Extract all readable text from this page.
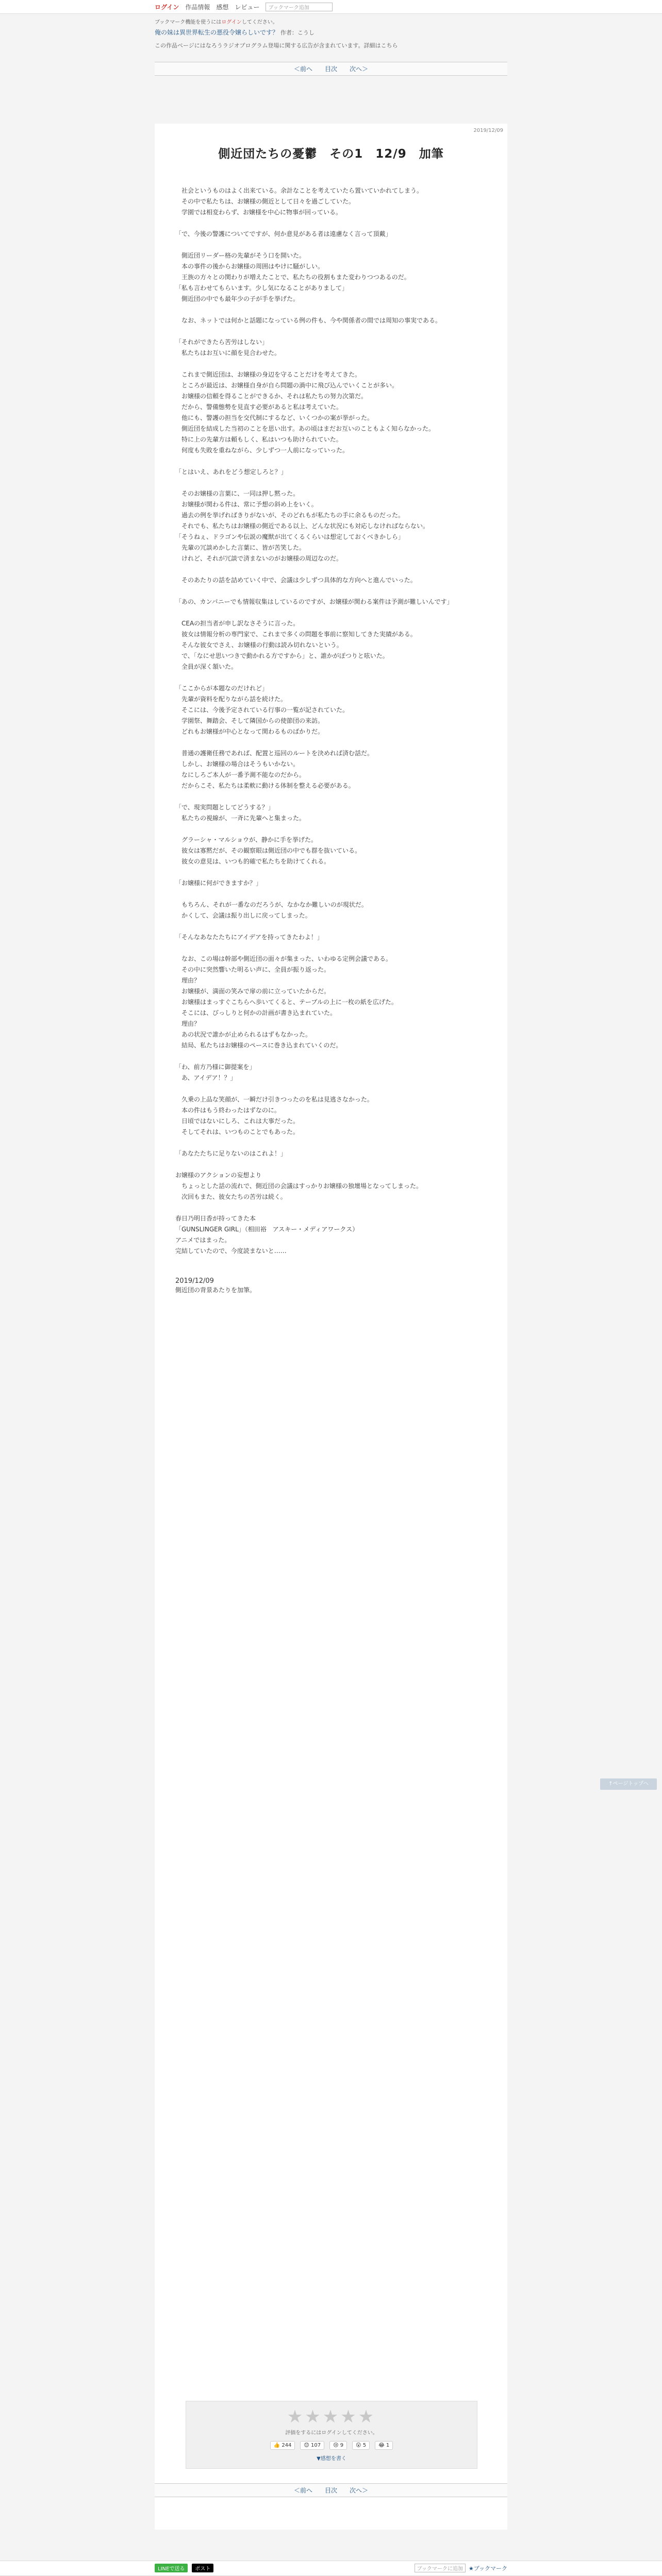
ログイン 作品情報 感想 レビュー	ブックマーク追加
ブックマーク機能を使うにはログインしてください。
俺の妹は異世界転生の悪役令嬢らしいです？ 作者：こうし
この作品ページにはなろうラジオプログラム登場に関する広告が含まれています。詳細はこちら
＜前へ	目次	次へ＞
2019/12/09
側近団たちの憂鬱　その1　12/9　加筆

　社会というものはよく出来ている。余計なことを考えていたら置いていかれてしまう。

　その中で私たちは、お嬢様の側近として日々を過ごしていた。

　学園では相変わらず、お嬢様を中心に物事が回っている。

「で、今後の警護についてですが、何か意見がある者は遠慮なく言って頂戴」

　側近団リーダー格の先輩がそう口を開いた。

　本の事件の後からお嬢様の周囲はやけに騒がしい。

　王族の方々との関わりが増えたことで、私たちの役割もまた変わりつつあるのだ。

「私も言わせてもらいます。少し気になることがありまして」

　側近団の中でも最年少の子が手を挙げた。

　なお、ネットでは何かと話題になっている例の件も、今や関係者の間では周知の事実である。

「それができたら苦労はしない」

　私たちはお互いに顔を見合わせた。

　これまで側近団は、お嬢様の身辺を守ることだけを考えてきた。

　ところが最近は、お嬢様自身が自ら問題の渦中に飛び込んでいくことが多い。

　お嬢様の信頼を得ることができるか、それは私たちの努力次第だ。

　だから、警備態勢を見直す必要があると私は考えていた。

　他にも、警護の担当を交代制にするなど、いくつかの案が挙がった。

　側近団を結成した当初のことを思い出す。あの頃はまだお互いのこともよく知らなかった。

　特に上の先輩方は頼もしく、私はいつも助けられていた。

　何度も失敗を重ねながら、少しずつ一人前になっていった。

「とはいえ、あれをどう想定しろと？」

　そのお嬢様の言葉に、一同は押し黙った。

　お嬢様が関わる件は、常に予想の斜め上をいく。

　過去の例を挙げればきりがないが、そのどれもが私たちの手に余るものだった。

　それでも、私たちはお嬢様の側近である以上、どんな状況にも対応しなければならない。

「そうねぇ、ドラゴンや伝説の魔獣が出てくるくらいは想定しておくべきかしら」

　先輩の冗談めかした言葉に、皆が苦笑した。

　けれど、それが冗談で済まないのがお嬢様の周辺なのだ。

　そのあたりの話を詰めていく中で、会議は少しずつ具体的な方向へと進んでいった。

「あの、カンパニーでも情報収集はしているのですが、お嬢様が関わる案件は予測が難しいんです」

　CEAの担当者が申し訳なさそうに言った。

　彼女は情報分析の専門家で、これまで多くの問題を事前に察知してきた実績がある。

　そんな彼女でさえ、お嬢様の行動は読み切れないという。

　で、「なにせ思いつきで動かれる方ですから」と、誰かがぽつりと呟いた。

　全員が深く頷いた。

「ここからが本題なのだけれど」

　先輩が資料を配りながら話を続けた。

　そこには、今後予定されている行事の一覧が記されていた。

　学園祭、舞踏会、そして隣国からの使節団の来訪。

　どれもお嬢様が中心となって関わるものばかりだ。

　普通の護衛任務であれば、配置と巡回のルートを決めれば済む話だ。

　しかし、お嬢様の場合はそうもいかない。

　なにしろご本人が一番予測不能なのだから。

　だからこそ、私たちは柔軟に動ける体制を整える必要がある。

「で、現実問題としてどうする？」

　私たちの視線が、一斉に先輩へと集まった。

　グラーシャ・マルショウが、静かに手を挙げた。

　彼女は寡黙だが、その観察眼は側近団の中でも群を抜いている。

　彼女の意見は、いつも的確で私たちを助けてくれる。

「お嬢様に何ができますか？」

　もちろん、それが一番なのだろうが、なかなか難しいのが現状だ。

　かくして、会議は振り出しに戻ってしまった。

「そんなあなたたちにアイデアを持ってきたわよ！」

　なお、この場は幹部や側近団の面々が集まった、いわゆる定例会議である。

　その中に突然響いた明るい声に、全員が振り返った。

　理由？

　お嬢様が、満面の笑みで扉の前に立っていたからだ。

　お嬢様はまっすぐこちらへ歩いてくると、テーブルの上に一枚の紙を広げた。

　そこには、びっしりと何かの計画が書き込まれていた。

　理由？

　あの状況で誰かが止められるはずもなかった。

　結局、私たちはお嬢様のペースに巻き込まれていくのだ。

「わ、前方乃様に御提案を」

　あ、アイデア！？」

　久乗の上品な笑顔が、一瞬だけ引きつったのを私は見逃さなかった。

　本の件はもう終わったはずなのに。

　日頃ではないにしろ、これは大事だった。

　そしてそれは、いつものことでもあった。

「あなたたちに足りないのはこれよ！」

お嬢様のアクションの妄想より

　ちょっとした話の流れで、側近団の会議はすっかりお嬢様の独壇場となってしまった。

　次回もまた、彼女たちの苦労は続く。

春日乃明日香が持ってきた本

「GUNSLINGER GIRL」（相田裕　アスキー・メディアワークス）

アニメではまった。

完結していたので、今度読まないと……

2019/12/09
側近団の背景あたりを加筆。
★★★★★
評価をするにはログインしてください。
👍 244	😊 107	😢 9	😮 5	😂 1
▼感想を書く
＜前へ	目次	次へ＞
↑ページトップへ
LINEで送る	ポスト	ブックマークに追加	★ブックマーク
